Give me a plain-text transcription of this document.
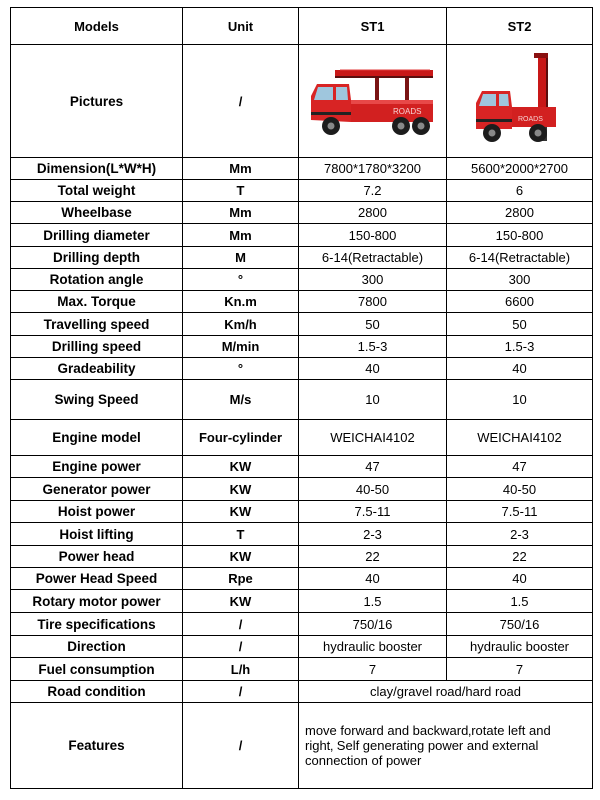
Models	Unit	ST1	ST2
Pictures	/	ROADS	ROADS

Dimension(L*W*H)	Mm	7800*1780*3200	5600*2000*2700
Total weight	T	7.2	6
Wheelbase	Mm	2800	2800
Drilling diameter	Mm	150-800	150-800
Drilling depth	M	6-14(Retractable)	6-14(Retractable)
Rotation angle	°	300	300
Max. Torque	Kn.m	7800	6600
Travelling speed	Km/h	50	50
Drilling speed	M/min	1.5-3	1.5-3
Gradeability	°	40	40
Swing Speed	M/s	10	10
Engine model	Four-cylinder	WEICHAI4102	WEICHAI4102
Engine power	KW	47	47
Generator power	KW	40-50	40-50
Hoist power	KW	7.5-11	7.5-11
Hoist lifting	T	2-3	2-3
Power head	KW	22	22
Power Head Speed	Rpe	40	40
Rotary motor power	KW	1.5	1.5
Tire specifications	/	750/16	750/16
Direction	/	hydraulic booster	hydraulic booster
Fuel consumption	L/h	7	7
Road condition	/	clay/gravel road/hard road	
Features	/	move forward and backward‚rotate left and
right‚ Self generating power and external
connection of power	
